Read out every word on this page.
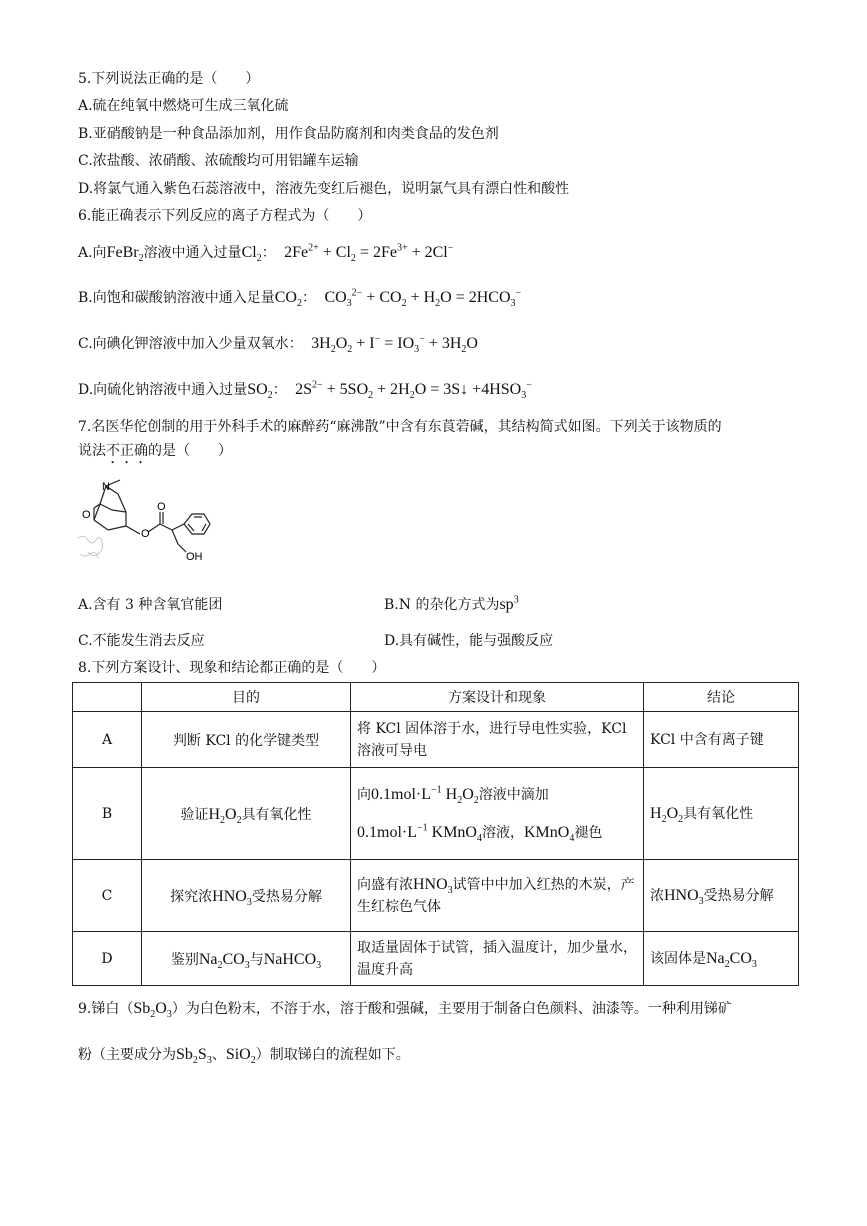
5.下列说法正确的是（　　）
A.硫在纯氧中燃烧可生成三氧化硫
B.亚硝酸钠是一种食品添加剂，用作食品防腐剂和肉类食品的发色剂
C.浓盐酸、浓硝酸、浓硫酸均可用铝罐车运输
D.将氯气通入紫色石蕊溶液中，溶液先变红后褪色，说明氯气具有漂白性和酸性
6.能正确表示下列反应的离子方程式为（　　）
A.向FeBr$_2$溶液中通入过量$Cl_2$：  $2Fe^{2+} + Cl_2 = 2Fe^{3+} + 2Cl^-$
B.向饱和碳酸钠溶液中通入足量$CO_2$：  $CO_3^{2-} + CO_2 + H_2O = 2HCO_3^-$
C.向碘化钾溶液中加入少量双氧水：  $3H_2O_2 + I^- = IO_3^- + 3H_2O$
D.向硫化钠溶液中通入过量$SO_2$：  $2S^{2-} + 5SO_2 + 2H_2O$ = 3S↓ $+4HSO_3^-$
7.名医华佗创制的用于外科手术的麻醉药“麻沸散”中含有东莨菪碱，其结构简式如图。下列关于该物质的
说法不正确的是（　　）
N
O
O
O
OH
A.含有 3 种含氧官能团	B.N 的杂化方式为$sp^3$
C.不能发生消去反应	D.具有碱性，能与强酸反应
8.下列方案设计、现象和结论都正确的是（　　）
	目的	方案设计和现象	结论
A	判断 KCl 的化学键类型	将 KCl 固体溶于水，进行导电性实验，KCl 溶液可导电	KCl 中含有离子键
B	验证$H_2O_2$具有氧化性	向$0.1mol\cdot L^{-1}$ $H_2O_2$溶液中滴加
$0.1mol\cdot L^{-1}$ KMnO$_4$溶液，KMnO$_4$褪色	$H_2O_2$具有氧化性
C	探究浓$HNO_3$受热易分解	向盛有浓$HNO_3$试管中中加入红热的木炭，产生红棕色气体	浓$HNO_3$受热易分解
D	鉴别$Na_2CO_3$与NaHCO$_3$	取适量固体于试管，插入温度计，加少量水，温度升高	该固体是$Na_2CO_3$
9.锑白$(Sb_2O_3)$为白色粉末，不溶于水，溶于酸和强碱，主要用于制备白色颜料、油漆等。一种利用锑矿
粉（主要成分为$Sb_2S_3$、SiO$_2$）制取锑白的流程如下。
